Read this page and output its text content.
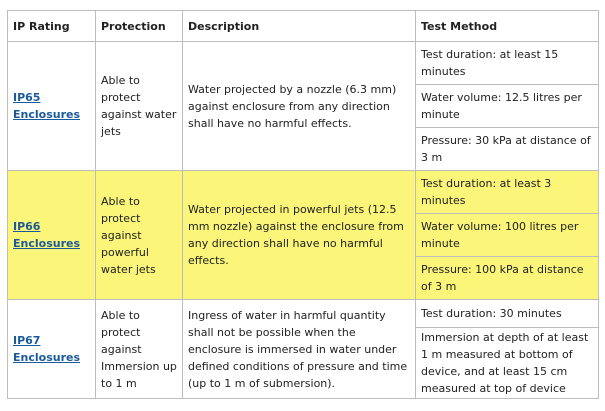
IP Rating	Protection	Description	Test Method
IP65 Enclosures	Able to protect against water jets	Water projected by a nozzle (6.3 mm) against enclosure from any direction shall have no harmful effects.	Test duration: at least 15 minutes
			Water volume: 12.5 litres per minute
			Pressure: 30 kPa at distance of 3 m
IP66 Enclosures	Able to protect against powerful water jets	Water projected in powerful jets (12.5 mm nozzle) against the enclosure from any direction shall have no harmful effects.	Test duration: at least 3 minutes
			Water volume: 100 litres per minute
			Pressure: 100 kPa at distance of 3 m
IP67 Enclosures	Able to protect against Immersion up to 1 m	Ingress of water in harmful quantity shall not be possible when the enclosure is immersed in water under defined conditions of pressure and time (up to 1 m of submersion).	Test duration: 30 minutes
			Immersion at depth of at least 1 m measured at bottom of device, and at least 15 cm measured at top of device
